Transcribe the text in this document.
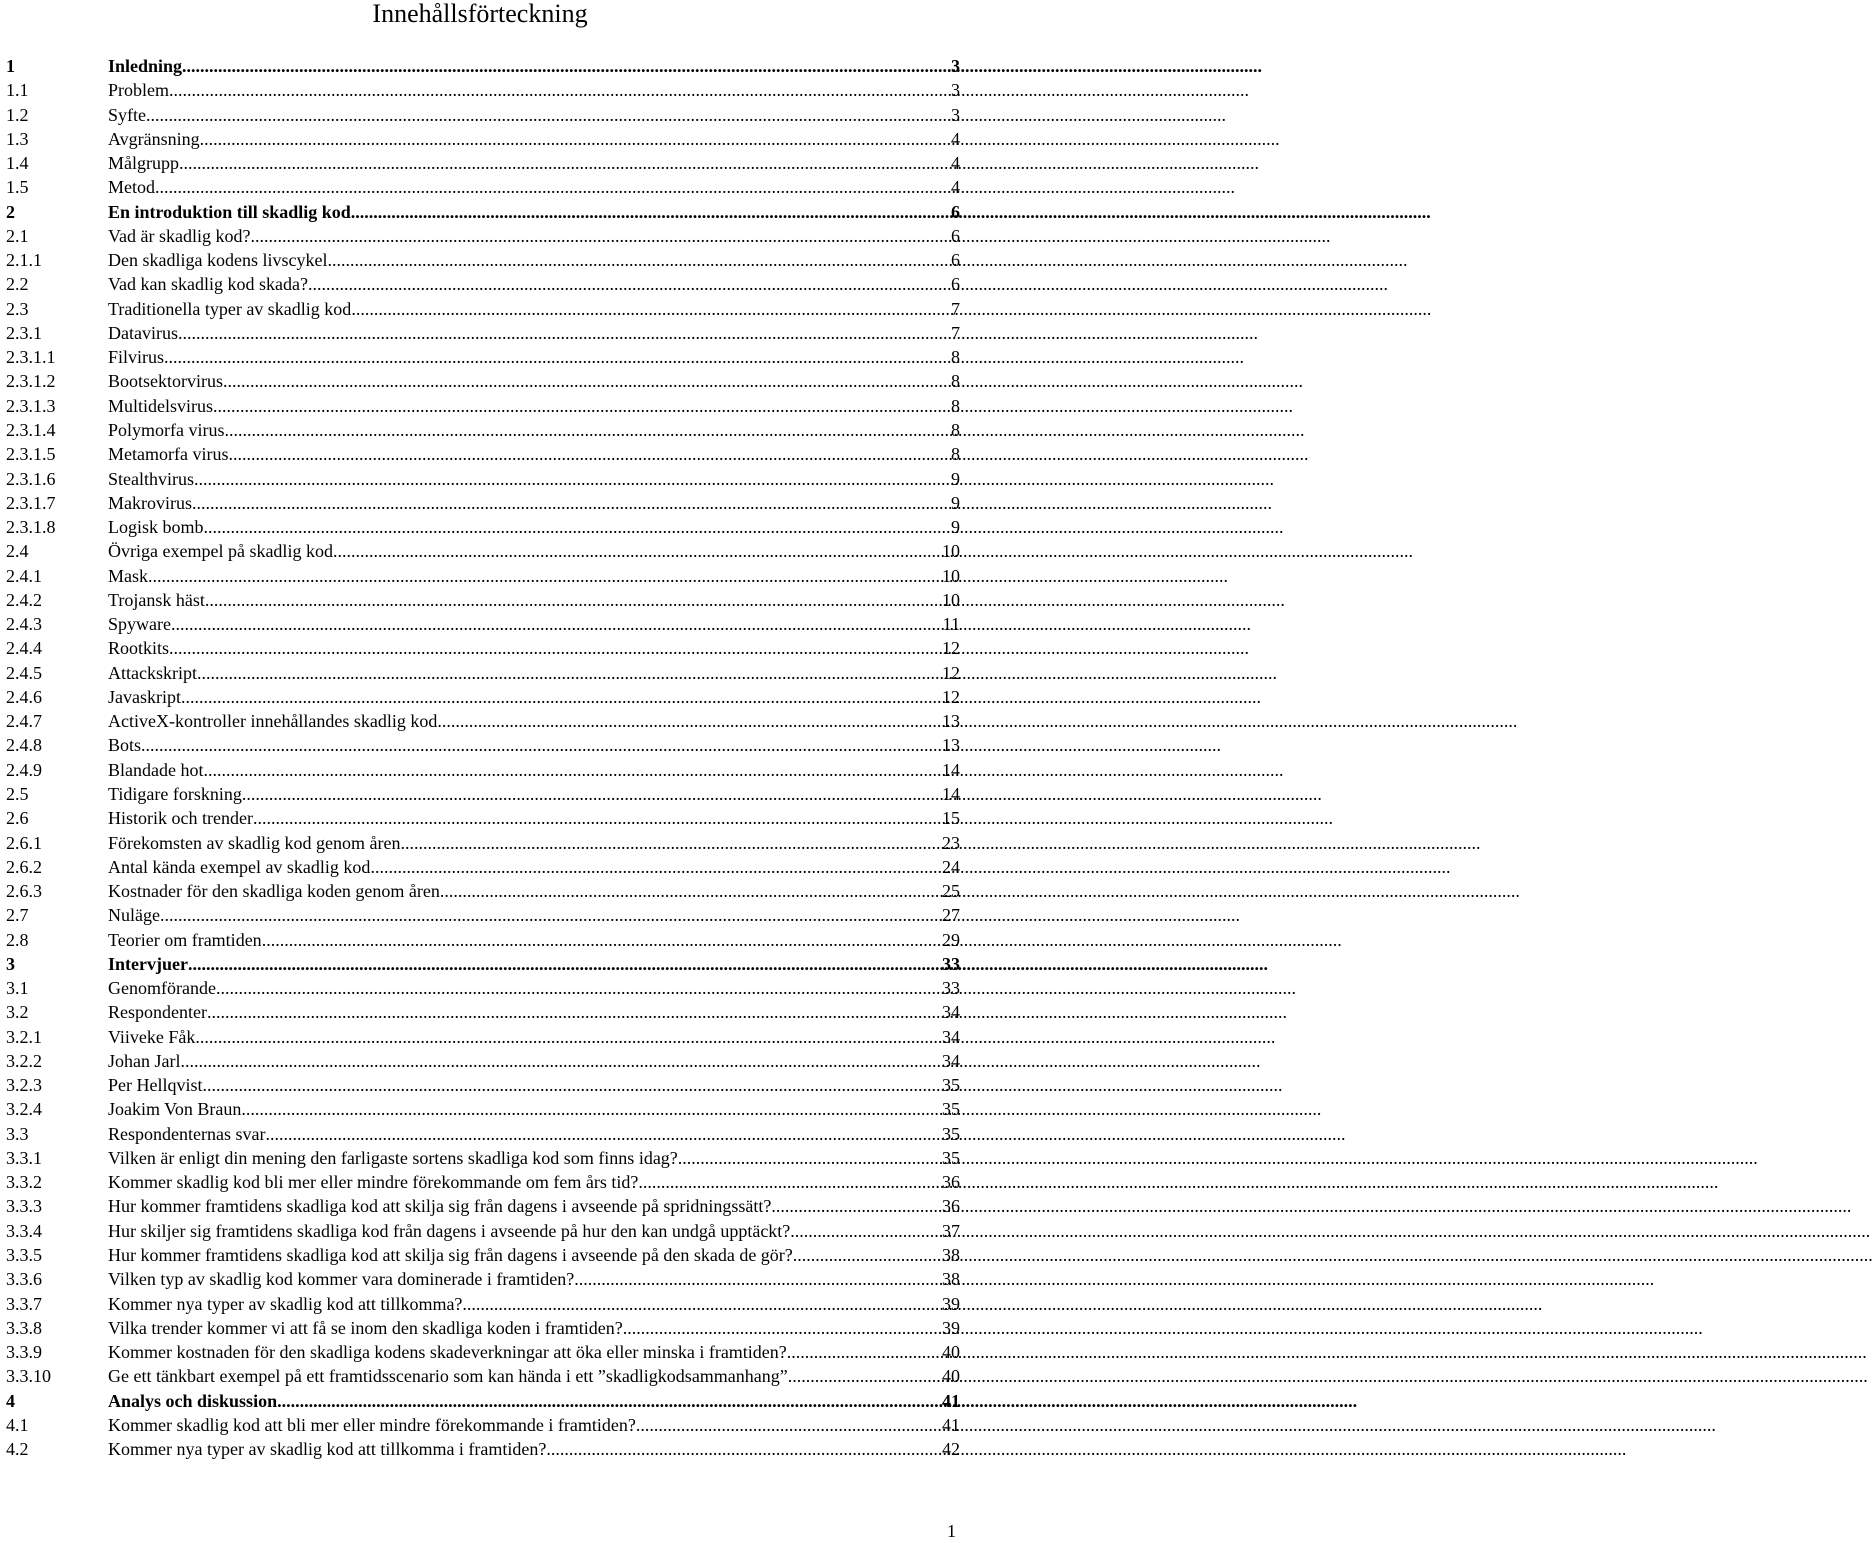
Innehållsförteckning
1	Inledning .....	3
1.1	Problem .....	3
1.2	Syfte .....	3
1.3	Avgränsning .....	4
1.4	Målgrupp .....	4
1.5	Metod .....	4
2	En introduktion till skadlig kod .....	6
2.1	Vad är skadlig kod? .....	6
2.1.1	Den skadliga kodens livscykel .....	6
2.2	Vad kan skadlig kod skada? .....	6
2.3	Traditionella typer av skadlig kod .....	7
2.3.1	Datavirus .....	7
2.3.1.1	Filvirus .....	8
2.3.1.2	Bootsektorvirus .....	8
2.3.1.3	Multidelsvirus .....	8
2.3.1.4	Polymorfa virus .....	8
2.3.1.5	Metamorfa virus .....	8
2.3.1.6	Stealthvirus .....	9
2.3.1.7	Makrovirus .....	9
2.3.1.8	Logisk bomb .....	9
2.4	Övriga exempel på skadlig kod .....	10
2.4.1	Mask .....	10
2.4.2	Trojansk häst .....	10
2.4.3	Spyware .....	11
2.4.4	Rootkits .....	12
2.4.5	Attackskript .....	12
2.4.6	Javaskript .....	12
2.4.7	ActiveX-kontroller innehållandes skadlig kod .....	13
2.4.8	Bots .....	13
2.4.9	Blandade hot .....	14
2.5	Tidigare forskning .....	14
2.6	Historik och trender .....	15
2.6.1	Förekomsten av skadlig kod genom åren .....	23
2.6.2	Antal kända exempel av skadlig kod .....	24
2.6.3	Kostnader för den skadliga koden genom åren .....	25
2.7	Nuläge .....	27
2.8	Teorier om framtiden .....	29
3	Intervjuer .....	33
3.1	Genomförande .....	33
3.2	Respondenter .....	34
3.2.1	Viiveke Fåk .....	34
3.2.2	Johan Jarl .....	34
3.2.3	Per Hellqvist .....	35
3.2.4	Joakim Von Braun .....	35
3.3	Respondenternas svar .....	35
3.3.1	Vilken är enligt din mening den farligaste sortens skadliga kod som finns idag? .....	35
3.3.2	Kommer skadlig kod bli mer eller mindre förekommande om fem års tid? .....	36
3.3.3	Hur kommer framtidens skadliga kod att skilja sig från dagens i avseende på spridningssätt? .....	36
3.3.4	Hur skiljer sig framtidens skadliga kod från dagens i avseende på hur den kan undgå upptäckt? .....	37
3.3.5	Hur kommer framtidens skadliga kod att skilja sig från dagens i avseende på den skada de gör? .....	38
3.3.6	Vilken typ av skadlig kod kommer vara dominerade i framtiden? .....	38
3.3.7	Kommer nya typer av skadlig kod att tillkomma? .....	39
3.3.8	Vilka trender kommer vi att få se inom den skadliga koden i framtiden? .....	39
3.3.9	Kommer kostnaden för den skadliga kodens skadeverkningar att öka eller minska i framtiden? .....	40
3.3.10	Ge ett tänkbart exempel på ett framtidsscenario som kan hända i ett ”skadligkodsammanhang” .....	40
4	Analys och diskussion .....	41
4.1	Kommer skadlig kod att bli mer eller mindre förekommande i framtiden? .....	41
4.2	Kommer nya typer av skadlig kod att tillkomma i framtiden? .....	42
1
